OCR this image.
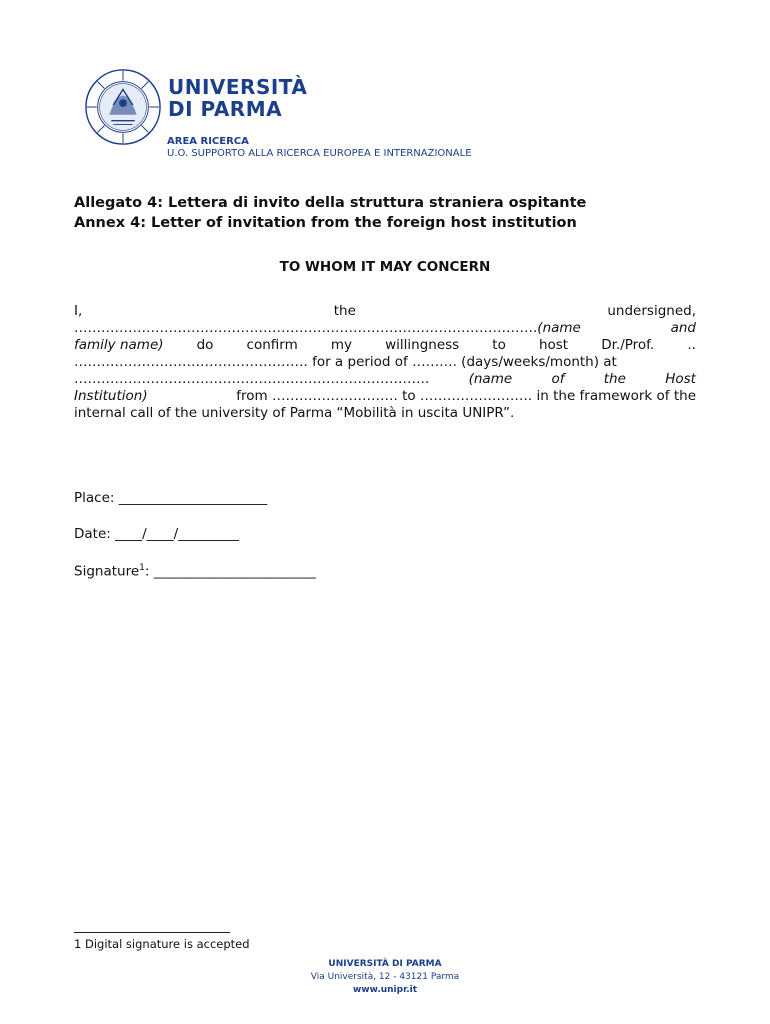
UNIVERSITÀ
DI PARMA
AREA RICERCA
U.O. SUPPORTO ALLA RICERCA EUROPEA E INTERNAZIONALE
Allegato 4: Lettera di invito della struttura straniera ospitante
Annex 4: Letter of invitation from the foreign host institution
TO WHOM IT MAY CONCERN
I,	the	undersigned,
………………………………………………………………………………………….(name	and
family name) do confirm my willingness to host Dr./Prof. ..
……………………………………………. for a period of ………. (days/weeks/month) at
…………………………………………………………………….	(name	of	the	Host
Institution)	from ………………………. to ……………………. in the framework of the
internal call of the university of Parma “Mobilità in uscita UNIPR”.
Place: ______________________
Date: ____/____/_________
Signature$^1$: ________________________
1 Digital signature is accepted
UNIVERSITÀ DI PARMA
Via Università, 12 - 43121 Parma
www.unipr.it
